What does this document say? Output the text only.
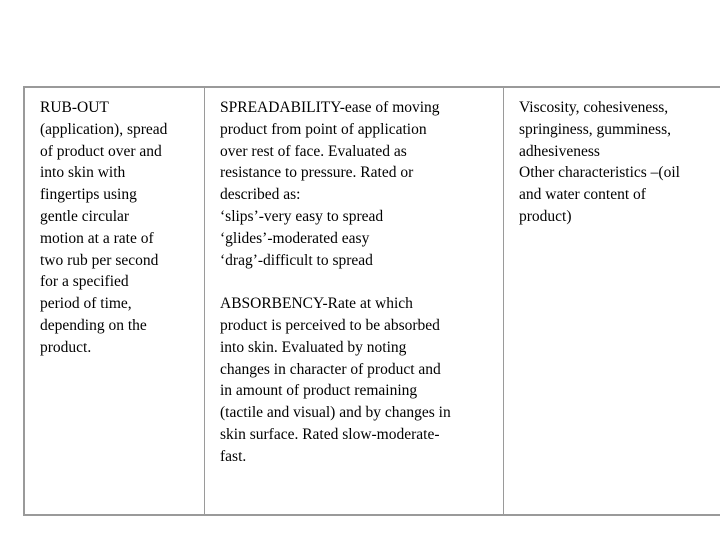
RUB-OUT
(application), spread
of product over and
into skin with
fingertips using
gentle circular
motion at a rate of
two rub per second
for a specified
period of time,
depending on the
product.
SPREADABILITY-ease of moving
product from point of application
over rest of face. Evaluated as
resistance to pressure. Rated or
described as:
‘slips’-very easy to spread
‘glides’-moderated easy
‘drag’-difficult to spread
ABSORBENCY-Rate at which
product is perceived to be absorbed
into skin. Evaluated by noting
changes in character of product and
in amount of product remaining
(tactile and visual) and by changes in
skin surface. Rated slow-moderate-
fast.
Viscosity, cohesiveness,
springiness, gumminess,
adhesiveness
Other characteristics –(oil
and water content of
product)
